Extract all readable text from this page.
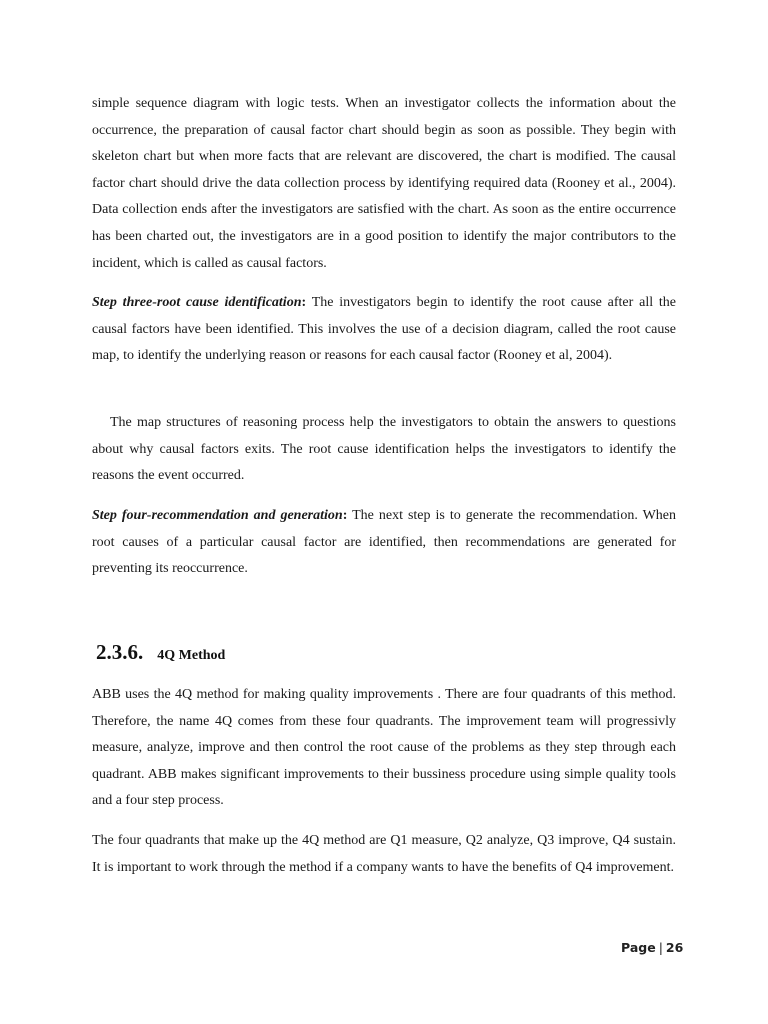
simple sequence diagram with logic tests. When an investigator collects the information about the occurrence, the preparation of causal factor chart should begin as soon as possible. They begin with skeleton chart but when more facts that are relevant are discovered, the chart is modified. The causal factor chart should drive the data collection process by identifying required data (Rooney et al., 2004). Data collection ends after the investigators are satisfied with the chart. As soon as the entire occurrence has been charted out, the investigators are in a good position to identify the major contributors to the incident, which is called as causal factors.

Step three-root cause identification: The investigators begin to identify the root cause after all the causal factors have been identified. This involves the use of a decision diagram, called the root cause map, to identify the underlying reason or reasons for each causal factor (Rooney et al, 2004).

The map structures of reasoning process help the investigators to obtain the answers to questions about why causal factors exits. The root cause identification helps the investigators to identify the reasons the event occurred.

Step four-recommendation and generation: The next step is to generate the recommendation. When root causes of a particular causal factor are identified, then recommendations are generated for preventing its reoccurrence.

2.3.6. 4Q Method

ABB uses the 4Q method for making quality improvements . There are four quadrants of this method. Therefore, the name 4Q comes from these four quadrants. The improvement team will progressivly measure, analyze, improve and then control the root cause of the problems as they step through each quadrant. ABB makes significant improvements to their bussiness procedure using simple quality tools and a four step process.

The four quadrants that make up the 4Q method are Q1 measure, Q2 analyze, Q3 improve, Q4 sustain. It is important to work through the method if a company wants to have the benefits of Q4 improvement.

Page | 26
